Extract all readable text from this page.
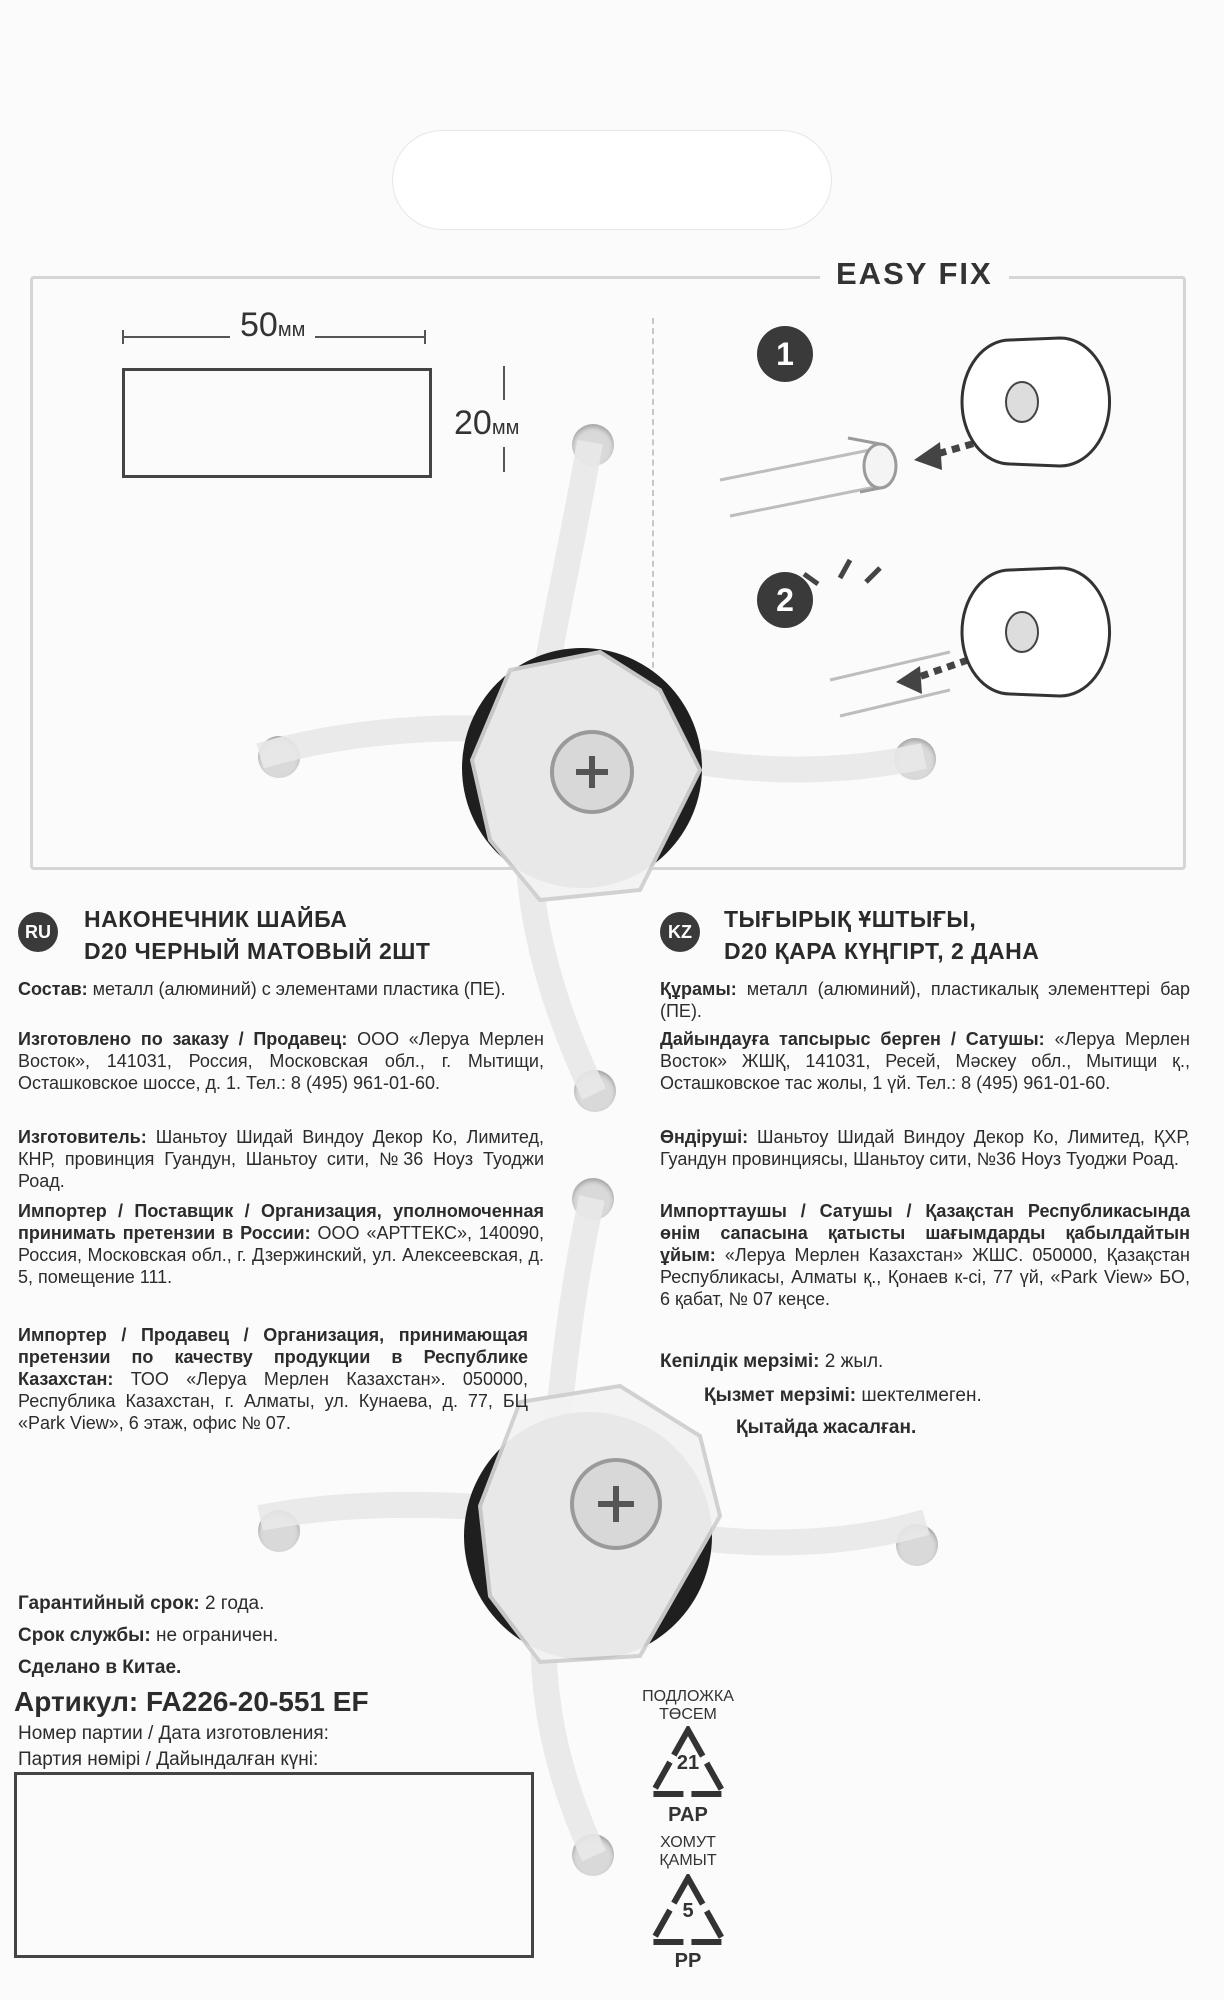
EASY FIX
50мм
20мм
1
2
RU	НАКОНЕЧНИК ШАЙБА
D20 ЧЕРНЫЙ МАТОВЫЙ 2ШТ
Состав: металл (алюминий) с элементами пластика (ПЕ).
Изготовлено по заказу / Продавец: ООО «Леруа Мерлен Восток», 141031, Россия, Московская обл., г. Мытищи, Осташковское шоссе, д. 1. Тел.: 8 (495) 961-01-60.
Изготовитель: Шаньтоу Шидай Виндоу Декор Ко, Лимитед, КНР, провинция Гуандун, Шаньтоу сити, №36 Ноуз Туоджи Роад.
Импортер / Поставщик / Организация, уполномоченная принимать претензии в России: ООО «АРТТЕКС», 140090, Россия, Московская обл., г. Дзержинский, ул. Алексеевская, д. 5, помещение 111.
Импортер / Продавец / Организация, принимающая претензии по качеству продукции в Республике Казахстан: ТОО «Леруа Мерлен Казахстан». 050000, Республика Казахстан, г. Алматы, ул. Кунаева, д. 77, БЦ «Park View», 6 этаж, офис № 07.
Гарантийный срок: 2 года.
Срок службы: не ограничен.
Сделано в Китае.
Артикул: FA226-20-551 EF
Номер партии / Дата изготовления:
Партия нөмірі / Дайындалған күні:
KZ	ТЫҒЫРЫҚ ҰШТЫҒЫ,
D20 ҚАРА КҮҢГІРТ, 2 ДАНА
Құрамы: металл (алюминий), пластикалық элементтері бар (ПЕ).
Дайындауға тапсырыс берген / Сатушы: «Леруа Мерлен Восток» ЖШҚ, 141031, Ресей, Мәскеу обл., Мытищи қ., Осташковское тас жолы, 1 үй. Тел.: 8 (495) 961-01-60.
Өндіруші: Шаньтоу Шидай Виндоу Декор Ко, Лимитед, ҚХР, Гуандун провинциясы, Шаньтоу сити, №36 Ноуз Туоджи Роад.
Импорттаушы / Сатушы / Қазақстан Республикасында өнім сапасына қатысты шағымдарды қабылдайтын ұйым: «Леруа Мерлен Казахстан» ЖШС. 050000, Қазақстан Республикасы, Алматы қ., Қонаев к-сі, 77 үй, «Park View» БО, 6 қабат, № 07 кеңсе.
Кепілдік мерзімі: 2 жыл.
Қызмет мерзімі: шектелмеген.
Қытайда жасалған.
ПОДЛОЖКА
ТӨСЕМ
21
PAP
ХОМУТ
ҚАМЫТ
5
PP
